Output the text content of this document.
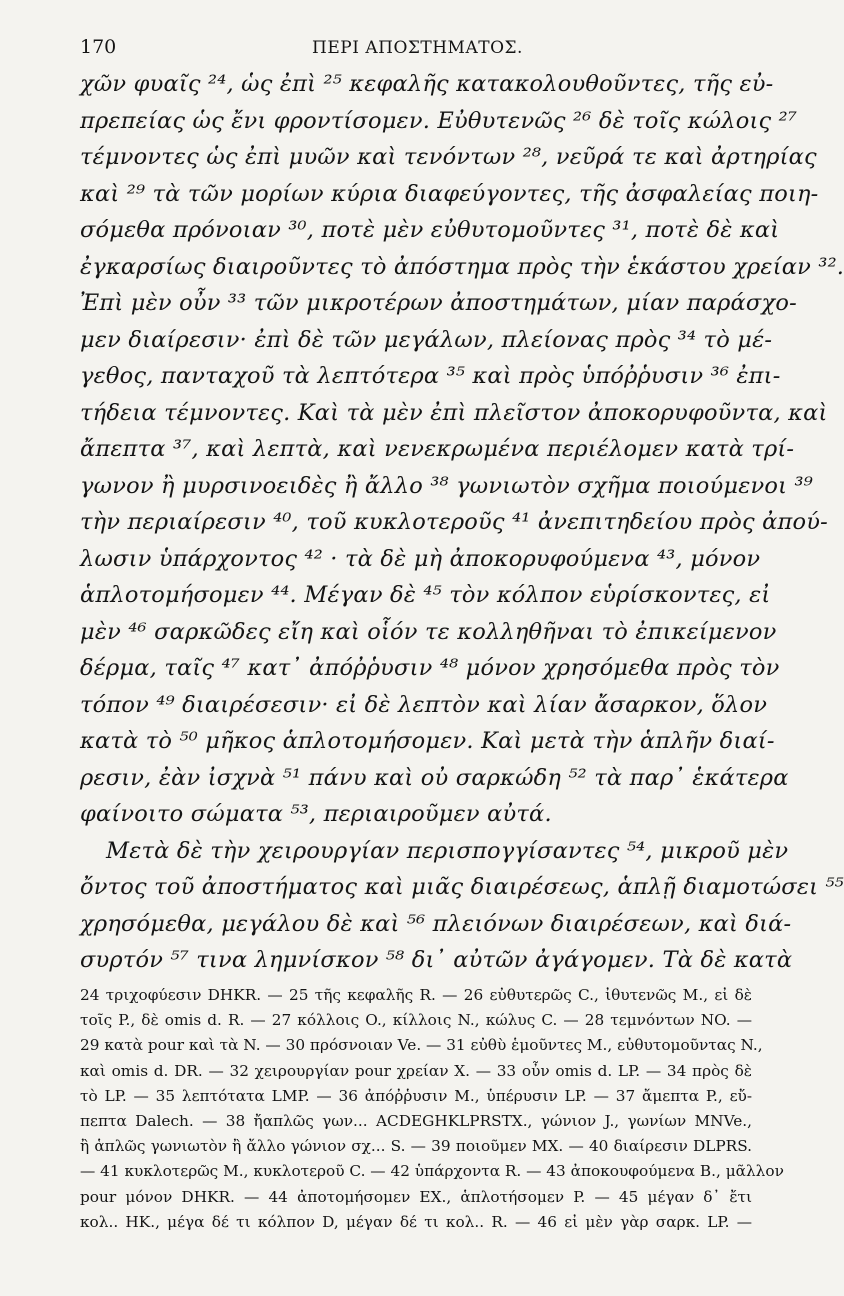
170	ΠΕΡΙ ΑΠΟΣΤΗΜΑΤΟΣ.
χῶν φυαῖς ²⁴, ὡς ἐπὶ ²⁵ κεφαλῆς κατακολουθοῦντες, τῆς εὐ-
πρεπείας ὡς ἔνι φροντίσομεν. Εὐθυτενῶς ²⁶ δὲ τοῖς κώλοις ²⁷
τέμνοντες ὡς ἐπὶ μυῶν καὶ τενόντων ²⁸, νεῦρά τε καὶ ἀρτηρίας
καὶ ²⁹ τὰ τῶν μορίων κύρια διαφεύγοντες, τῆς ἀσφαλείας ποιη-
σόμεθα πρόνοιαν ³⁰, ποτὲ μὲν εὐθυτομοῦντες ³¹, ποτὲ δὲ καὶ
ἐγκαρσίως διαιροῦντες τὸ ἀπόστημα πρὸς τὴν ἑκάστου χρείαν ³².
Ἐπὶ μὲν οὖν ³³ τῶν μικροτέρων ἀποστημάτων, μίαν παράσχο-
μεν διαίρεσιν· ἐπὶ δὲ τῶν μεγάλων, πλείονας πρὸς ³⁴ τὸ μέ-
γεθος, πανταχοῦ τὰ λεπτότερα ³⁵ καὶ πρὸς ὑπόῤῥυσιν ³⁶ ἐπι-
τήδεια τέμνοντες. Καὶ τὰ μὲν ἐπὶ πλεῖστον ἀποκορυφοῦντα, καὶ
ἄπεπτα ³⁷, καὶ λεπτὰ, καὶ νενεκρωμένα περιέλομεν κατὰ τρί-
γωνον ἢ μυρσινοειδὲς ἢ ἄλλο ³⁸ γωνιωτὸν σχῆμα ποιούμενοι ³⁹
τὴν περιαίρεσιν ⁴⁰, τοῦ κυκλοτεροῦς ⁴¹ ἀνεπιτηδείου πρὸς ἀπού-
λωσιν ὑπάρχοντος ⁴² · τὰ δὲ μὴ ἀποκορυφούμενα ⁴³, μόνον
ἁπλοτομήσομεν ⁴⁴. Μέγαν δὲ ⁴⁵ τὸν κόλπον εὑρίσκοντες, εἰ
μὲν ⁴⁶ σαρκῶδες εἴη καὶ οἷόν τε κολληθῆναι τὸ ἐπικείμενον
δέρμα, ταῖς ⁴⁷ κατ᾽ ἀπόῤῥυσιν ⁴⁸ μόνον χρησόμεθα πρὸς τὸν
τόπον ⁴⁹ διαιρέσεσιν· εἰ δὲ λεπτὸν καὶ λίαν ἄσαρκον, ὅλον
κατὰ τὸ ⁵⁰ μῆκος ἁπλοτομήσομεν. Καὶ μετὰ τὴν ἁπλῆν διαί-
ρεσιν, ἐὰν ἰσχνὰ ⁵¹ πάνυ καὶ οὐ σαρκώδη ⁵² τὰ παρ᾽ ἑκάτερα
φαίνοιτο σώματα ⁵³, περιαιροῦμεν αὐτά.
Μετὰ δὲ τὴν χειρουργίαν περισπογγίσαντες ⁵⁴, μικροῦ μὲν
ὄντος τοῦ ἀποστήματος καὶ μιᾶς διαιρέσεως, ἁπλῇ διαμοτώσει ⁵⁵
χρησόμεθα, μεγάλου δὲ καὶ ⁵⁶ πλειόνων διαιρέσεων, καὶ διά-
συρτόν ⁵⁷ τινα λημνίσκον ⁵⁸ δι᾽ αὐτῶν ἀγάγομεν. Τὰ δὲ κατὰ
24 τριχοφύεσιν DHKR. — 25 τῆς κεφαλῆς R. — 26 εὐθυτερῶς C., ἰθυτενῶς M., εἰ δὲ
τοῖς P., δὲ omis d. R. — 27 κόλλοις O., κίλλοις N., κώλυς C. — 28 τεμνόντων NO. —
29 κατὰ pour καὶ τὰ N. — 30 πρόσνοιαν Ve. — 31 εὐθὺ ἑμοῦντες M., εὐθυτομοῦντας N.,
καὶ omis d. DR. — 32 χειρουργίαν pour χρείαν X. — 33 οὖν omis d. LP. — 34 πρὸς δὲ
τὸ LP. — 35 λεπτότατα LMP. — 36 ἀπόῤῥυσιν M., ὑπέρυσιν LP. — 37 ἄμεπτα P., εὔ-
πεπτα Dalech. — 38 ἤαπλῶς γων... ACDEGHKLPRSTX., γώνιον J., γωνίων MNVe.,
ἢ ἁπλῶς γωνιωτὸν ἢ ἄλλο γώνιον σχ... S. — 39 ποιοῦμεν MX. — 40 διαίρεσιν DLPRS.
— 41 κυκλοτερῶς M., κυκλοτεροῦ C. — 42 ὑπάρχοντα R. — 43 ἀποκουφούμενα B., μᾶλλον
pour μόνον DHKR. — 44 ἀποτομήσομεν EX., ἁπλοτήσομεν P. — 45 μέγαν δ᾽ ἔτι
κολ.. HK., μέγα δέ τι κόλπον D, μέγαν δέ τι κολ.. R. — 46 εἰ μὲν γὰρ σαρκ. LP. —
